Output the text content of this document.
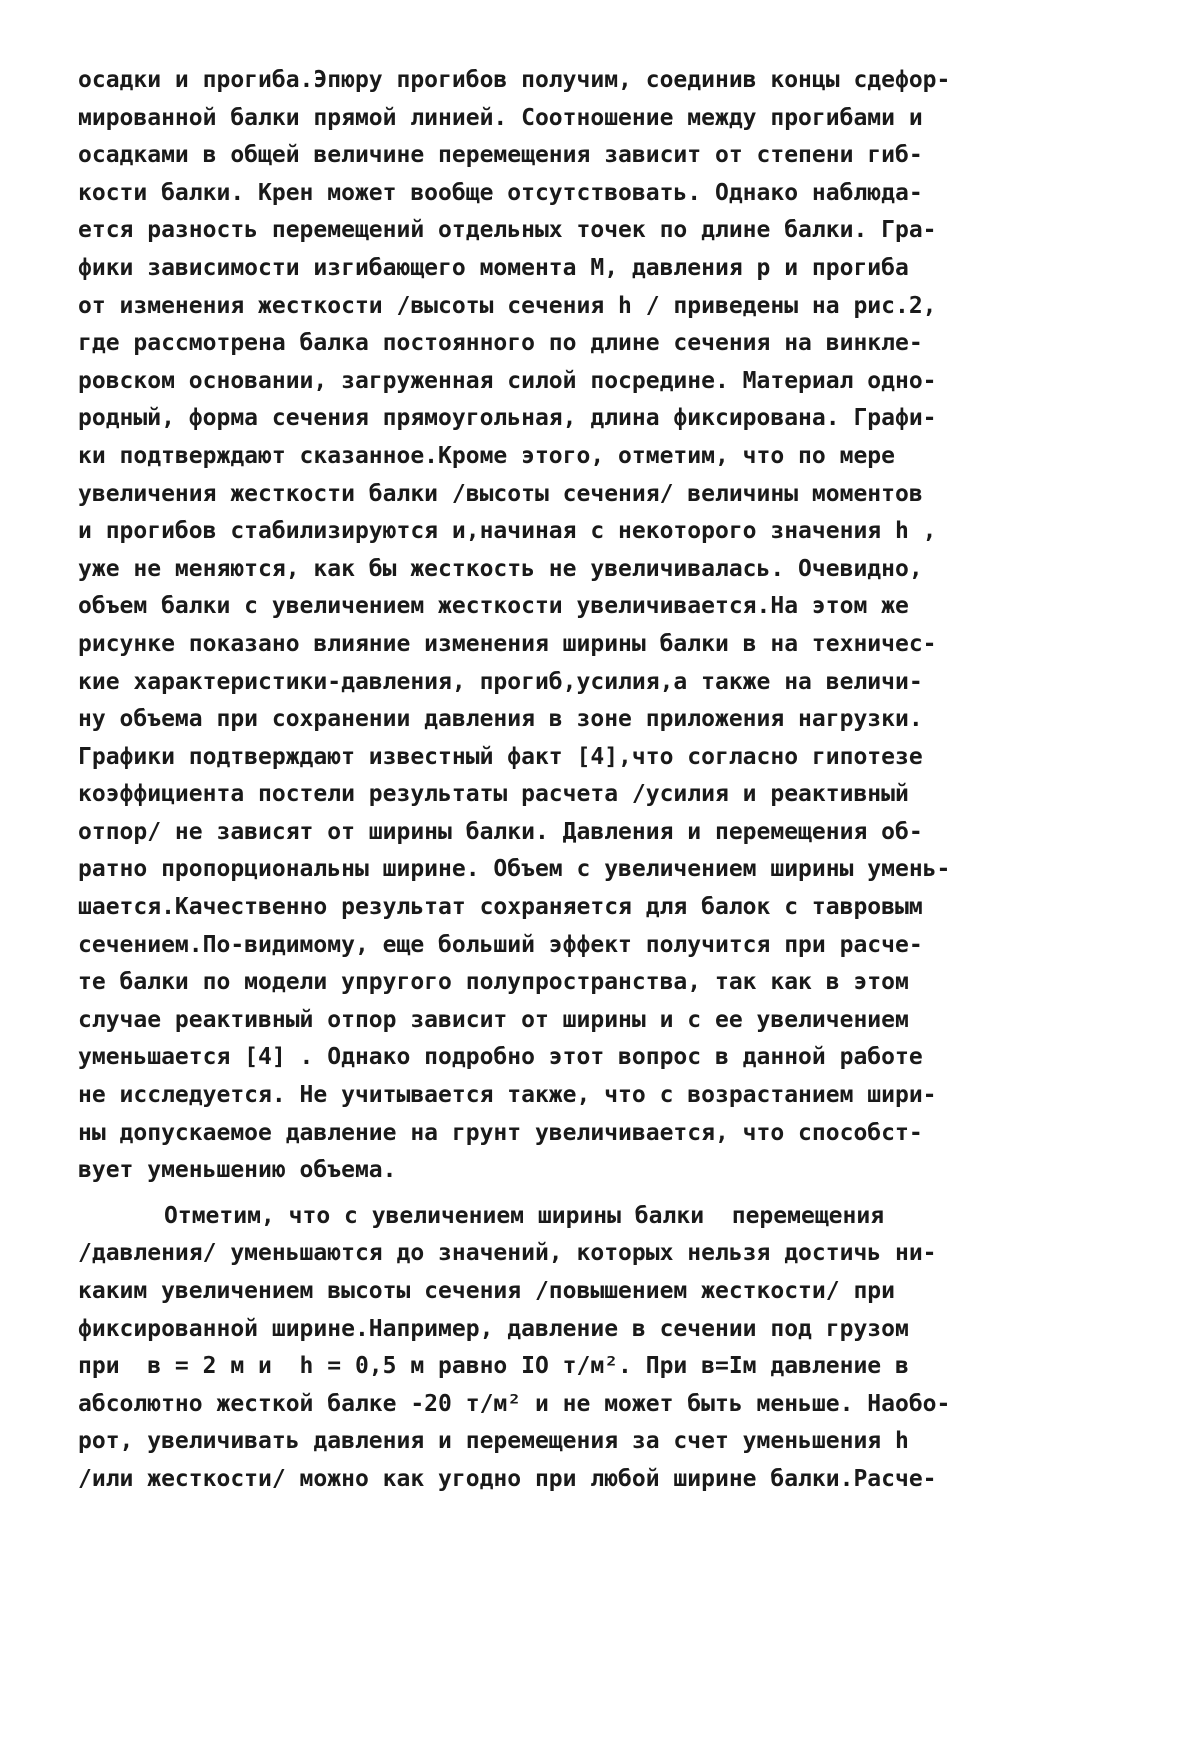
осадки и прогиба.Эпюру прогибов получим, соединив концы сдефор-
мированной балки прямой линией. Соотношение между прогибами и
осадками в общей величине перемещения зависит от степени гиб-
кости балки. Крен может вообще отсутствовать. Однако наблюда-
ется разность перемещений отдельных точек по длине балки. Гра-
фики зависимости изгибающего момента М, давления р и прогиба
от изменения жесткости /высоты сечения h / приведены на рис.2,
где рассмотрена балка постоянного по длине сечения на винкле-
ровском основании, загруженная силой посредине. Материал одно-
родный, форма сечения прямоугольная, длина фиксирована. Графи-
ки подтверждают сказанное.Кроме этого, отметим, что по мере
увеличения жесткости балки /высоты сечения/ величины моментов
и прогибов стабилизируются и,начиная с некоторого значения h ,
уже не меняются, как бы жесткость не увеличивалась. Очевидно,
объем балки с увеличением жесткости увеличивается.На этом же
рисунке показано влияние изменения ширины балки в на техничес-
кие характеристики-давления, прогиб,усилия,а также на величи-
ну объема при сохранении давления в зоне приложения нагрузки.
Графики подтверждают известный факт [4],что согласно гипотезе
коэффициента постели результаты расчета /усилия и реактивный
отпор/ не зависят от ширины балки. Давления и перемещения об-
ратно пропорциональны ширине. Объем с увеличением ширины умень-
шается.Качественно результат сохраняется для балок с тавровым
сечением.По-видимому, еще больший эффект получится при расче-
те балки по модели упругого полупространства, так как в этом
случае реактивный отпор зависит от ширины и с ее увеличением
уменьшается [4] . Однако подробно этот вопрос в данной работе
не исследуется. Не учитывается также, что с возрастанием шири-
ны допускаемое давление на грунт увеличивается, что способст-
вует уменьшению объема.
Отметим, что с увеличением ширины балки  перемещения
/давления/ уменьшаются до значений, которых нельзя достичь ни-
каким увеличением высоты сечения /повышением жесткости/ при
фиксированной ширине.Например, давление в сечении под грузом
при  в = 2 м и  h = 0,5 м равно IO т/м². При в=Iм давление в
абсолютно жесткой балке -20 т/м² и не может быть меньше. Наобо-
рот, увеличивать давления и перемещения за счет уменьшения h
/или жесткости/ можно как угодно при любой ширине балки.Расче-
